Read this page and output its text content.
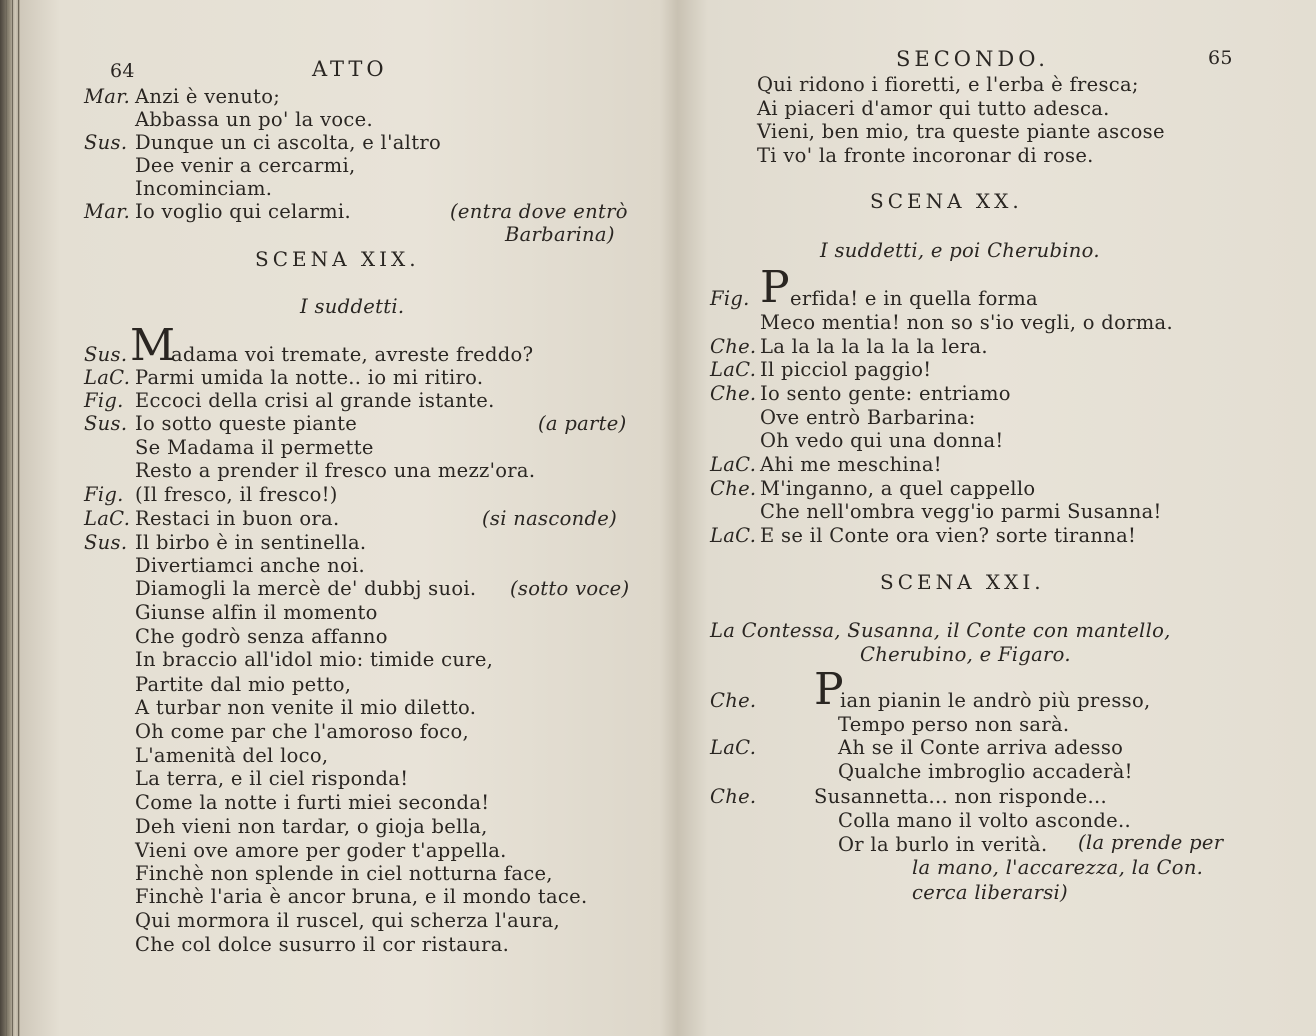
64	ATTO
Mar. Anzi è venuto;
Abbassa un po' la voce.
Sus. Dunque un ci ascolta, e l'altro
Dee venir a cercarmi,
Incominciam.
Mar. Io voglio qui celarmi.	(entra dove entrò
Barbarina)
SCENA XIX.
I suddetti.
Sus. M
adama voi tremate, avreste freddo?
LaC. Parmi umida la notte.. io mi ritiro.
Fig. Eccoci della crisi al grande istante.
Sus. Io sotto queste piante	(a parte)
Se Madama il permette
Resto a prender il fresco una mezz'ora.
Fig. (Il fresco, il fresco!)
LaC. Restaci in buon ora.	(si nasconde)
Sus. Il birbo è in sentinella.
Divertiamci anche noi.
Diamogli la mercè de' dubbj suoi. (sotto voce)
Giunse alfin il momento
Che godrò senza affanno
In braccio all'idol mio: timide cure,
Partite dal mio petto,
A turbar non venite il mio diletto.
Oh come par che l'amoroso foco,
L'amenità del loco,
La terra, e il ciel risponda!
Come la notte i furti miei seconda!
Deh vieni non tardar, o gioja bella,
Vieni ove amore per goder t'appella.
Finchè non splende in ciel notturna face,
Finchè l'aria è ancor bruna, e il mondo tace.
Qui mormora il ruscel, qui scherza l'aura,
Che col dolce susurro il cor ristaura.
SECONDO.	65
Qui ridono i fioretti, e l'erba è fresca;
Ai piaceri d'amor qui tutto adesca.
Vieni, ben mio, tra queste piante ascose
Ti vo' la fronte incoronar di rose.
SCENA XX.
I suddetti, e poi Cherubino.
Fig. P erfida! e in quella forma
Meco mentia! non so s'io vegli, o dorma.
Che. La la la la la la la lera.
LaC. Il picciol paggio!
Che. Io sento gente: entriamo
Ove entrò Barbarina:
Oh vedo qui una donna!
LaC. Ahi me meschina!
Che. M'inganno, a quel cappello
Che nell'ombra vegg'io parmi Susanna!
LaC. E se il Conte ora vien? sorte tiranna!
SCENA XXI.
La Contessa, Susanna, il Conte con mantello,
Cherubino, e Figaro.
Che. P
ian pianin le andrò più presso,
Tempo perso non sarà.
LaC.	Ah se il Conte arriva adesso
Qualche imbroglio accaderà!
Che.	Susannetta... non risponde...
Colla mano il volto asconde..
Or la burlo in verità. (la prende per
la mano, l'accarezza, la Con.
cerca liberarsi)
